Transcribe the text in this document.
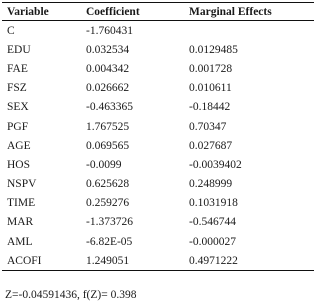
Variable	Coefficient	Marginal Effects
C	-1.760431	
EDU	0.032534	0.0129485
FAE	0.004342	0.001728
FSZ	0.026662	0.010611
SEX	-0.463365	-0.18442
PGF	1.767525	0.70347
AGE	0.069565	0.027687
HOS	-0.0099	-0.0039402
NSPV	0.625628	0.248999
TIME	0.259276	0.1031918
MAR	-1.373726	-0.546744
AML	-6.82E-05	-0.000027
ACOFI	1.249051	0.4971222
Z=-0.04591436, f(Z)= 0.398
